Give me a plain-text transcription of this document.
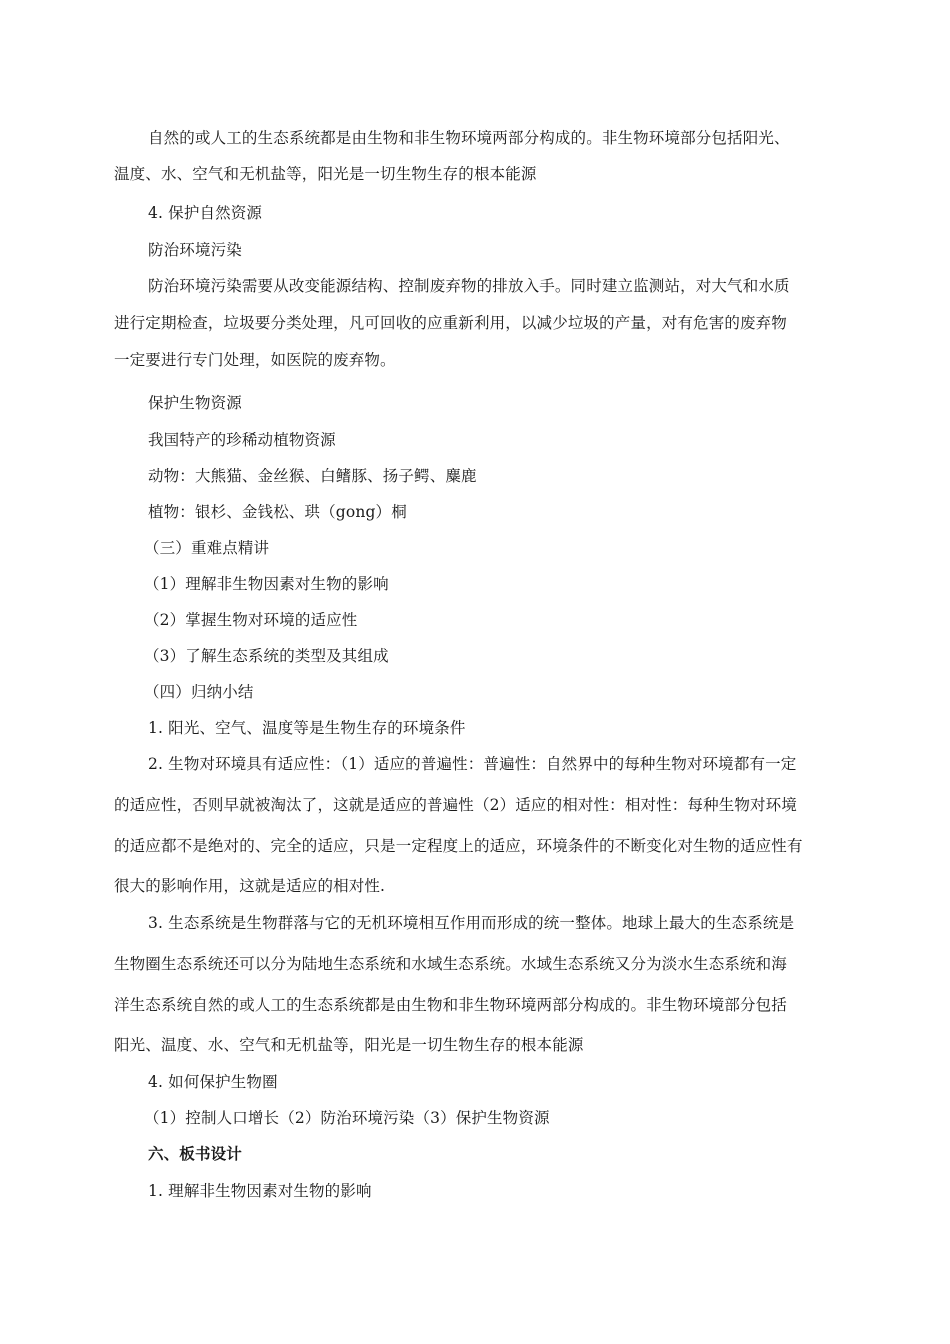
自然的或人工的生态系统都是由生物和非生物环境两部分构成的。非生物环境部分包括阳光、
温度、水、空气和无机盐等，阳光是一切生物生存的根本能源
4. 保护自然资源
防治环境污染
防治环境污染需要从改变能源结构、控制废弃物的排放入手。同时建立监测站，对大气和水质
进行定期检查，垃圾要分类处理，凡可回收的应重新利用，以减少垃圾的产量，对有危害的废弃物
一定要进行专门处理，如医院的废弃物。
保护生物资源
我国特产的珍稀动植物资源
动物：大熊猫、金丝猴、白鳍豚、扬子鳄、麋鹿
植物：银杉、金钱松、珙（gong）桐
（三）重难点精讲
（1）理解非生物因素对生物的影响
（2）掌握生物对环境的适应性
（3）了解生态系统的类型及其组成
（四）归纳小结
1. 阳光、空气、温度等是生物生存的环境条件
2. 生物对环境具有适应性：（1）适应的普遍性：普遍性：自然界中的每种生物对环境都有一定
的适应性，否则早就被淘汰了，这就是适应的普遍性（2）适应的相对性：相对性：每种生物对环境
的适应都不是绝对的、完全的适应，只是一定程度上的适应，环境条件的不断变化对生物的适应性有
很大的影响作用，这就是适应的相对性.
3. 生态系统是生物群落与它的无机环境相互作用而形成的统一整体。地球上最大的生态系统是
生物圈生态系统还可以分为陆地生态系统和水域生态系统。水域生态系统又分为淡水生态系统和海
洋生态系统自然的或人工的生态系统都是由生物和非生物环境两部分构成的。非生物环境部分包括
阳光、温度、水、空气和无机盐等，阳光是一切生物生存的根本能源
4. 如何保护生物圈
（1）控制人口增长（2）防治环境污染（3）保护生物资源
六、板书设计
1. 理解非生物因素对生物的影响
